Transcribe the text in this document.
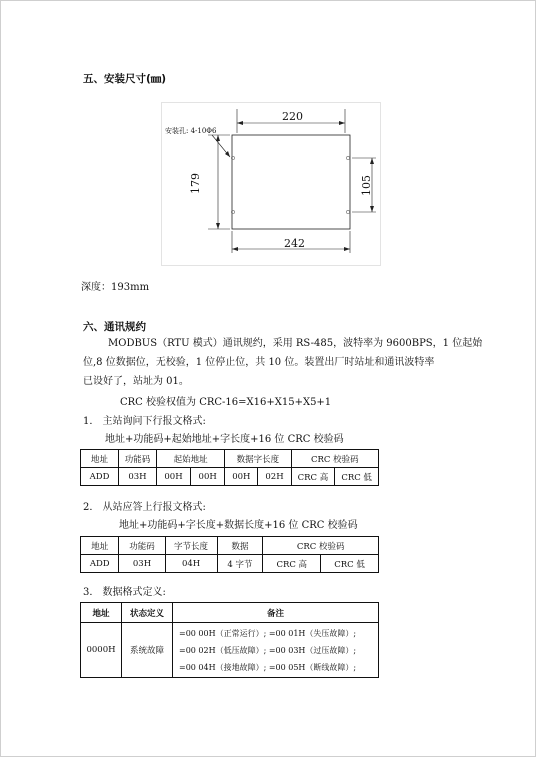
五、安装尺寸(㎜)
安装孔: 4-10Φ6
220
242
179	105
深度：193mm
六、通讯规约
MODBUS（RTU 模式）通讯规约，采用 RS-485，波特率为 9600BPS，1 位起始
位,8 位数据位，无校验，1 位停止位，共 10 位。装置出厂时站址和通讯波特率
已设好了，站址为 01。
CRC 校验权值为 CRC-16=X16+X15+X5+1
1． 主站询问下行报文格式:
地址+功能码+起始地址+字长度+16 位 CRC 校验码
地址	功能码	起始地址		数据字长度		CRC 校验码	
ADD	03H	00H	00H	00H	02H	CRC 高	CRC 低
2． 从站应答上行报文格式:
地址+功能码+字长度+数据长度+16 位 CRC 校验码
地址	功能码	字节长度	数据	CRC 校验码	
ADD	03H	04H	4 字节	CRC 高	CRC 低
3． 数据格式定义:
地址	状态定义	备注
0000H	系统故障	=00 00H（正常运行）; =00 01H（失压故障）;
=00 02H（低压故障）; =00 03H（过压故障）;
=00 04H（接地故障）; =00 05H（断线故障）;
